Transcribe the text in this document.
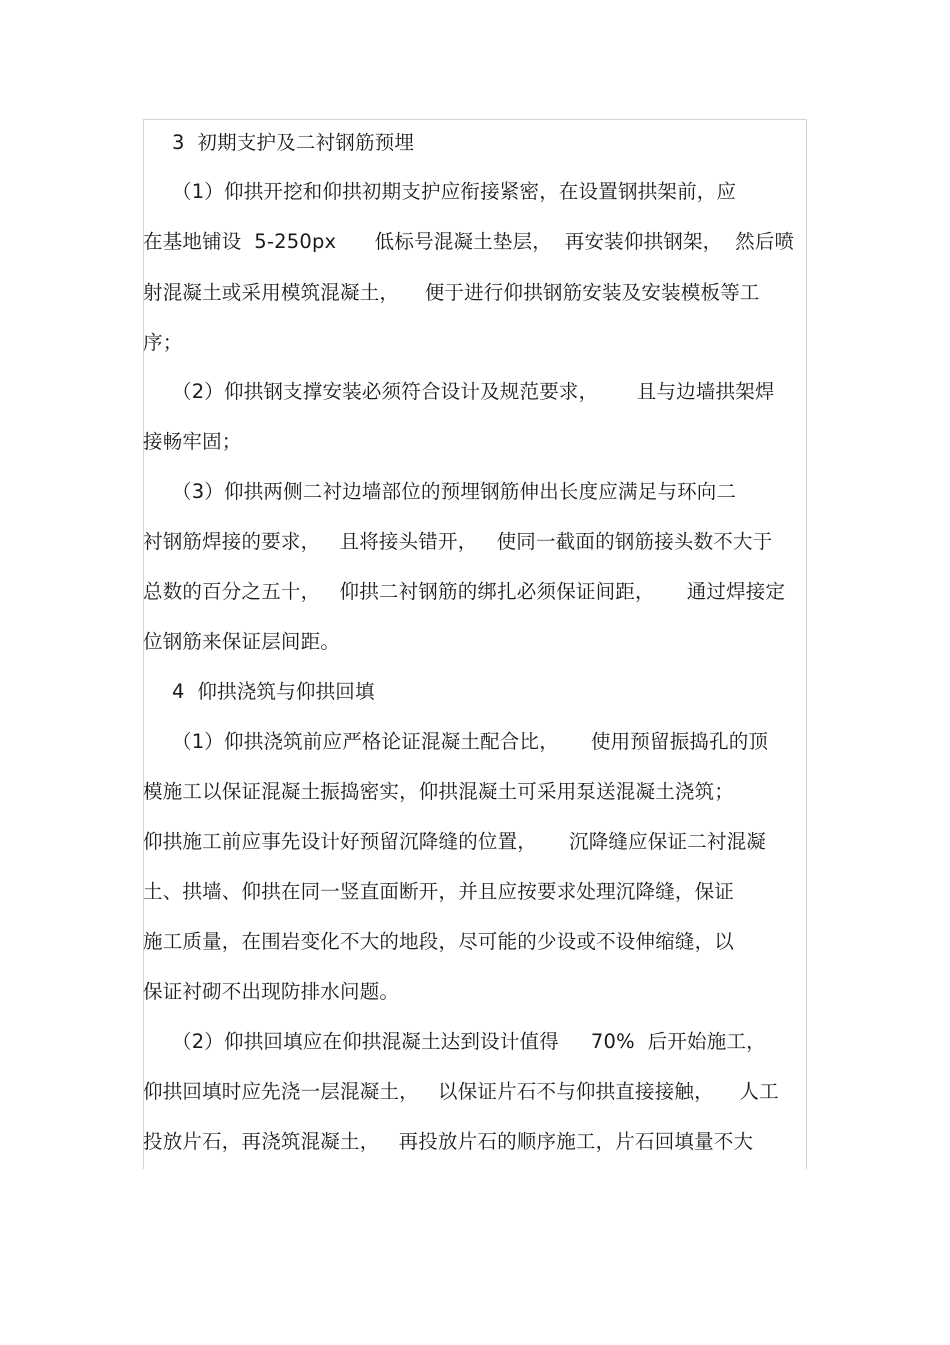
3  初期支护及二衬钢筋预埋
（1）仰拱开挖和仰拱初期支护应衔接紧密，在设置钢拱架前，应
在基地铺设  5-250px      低标号混凝土垫层，  再安装仰拱钢架，  然后喷
射混凝土或采用模筑混凝土，    便于进行仰拱钢筋安装及安装模板等工
序；
（2）仰拱钢支撑安装必须符合设计及规范要求，      且与边墙拱架焊
接畅牢固；
（3）仰拱两侧二衬边墙部位的预埋钢筋伸出长度应满足与环向二
衬钢筋焊接的要求，   且将接头错开，   使同一截面的钢筋接头数不大于
总数的百分之五十，   仰拱二衬钢筋的绑扎必须保证间距，     通过焊接定
位钢筋来保证层间距。
4  仰拱浇筑与仰拱回填
（1）仰拱浇筑前应严格论证混凝土配合比，     使用预留振捣孔的顶
模施工以保证混凝土振捣密实，仰拱混凝土可采用泵送混凝土浇筑；
仰拱施工前应事先设计好预留沉降缝的位置，     沉降缝应保证二衬混凝
土、拱墙、仰拱在同一竖直面断开，并且应按要求处理沉降缝，保证
施工质量，在围岩变化不大的地段，尽可能的少设或不设伸缩缝，以
保证衬砌不出现防排水问题。
（2）仰拱回填应在仰拱混凝土达到设计值得     70%  后开始施工，
仰拱回填时应先浇一层混凝土，   以保证片石不与仰拱直接接触，    人工
投放片石，再浇筑混凝土，   再投放片石的顺序施工，片石回填量不大
